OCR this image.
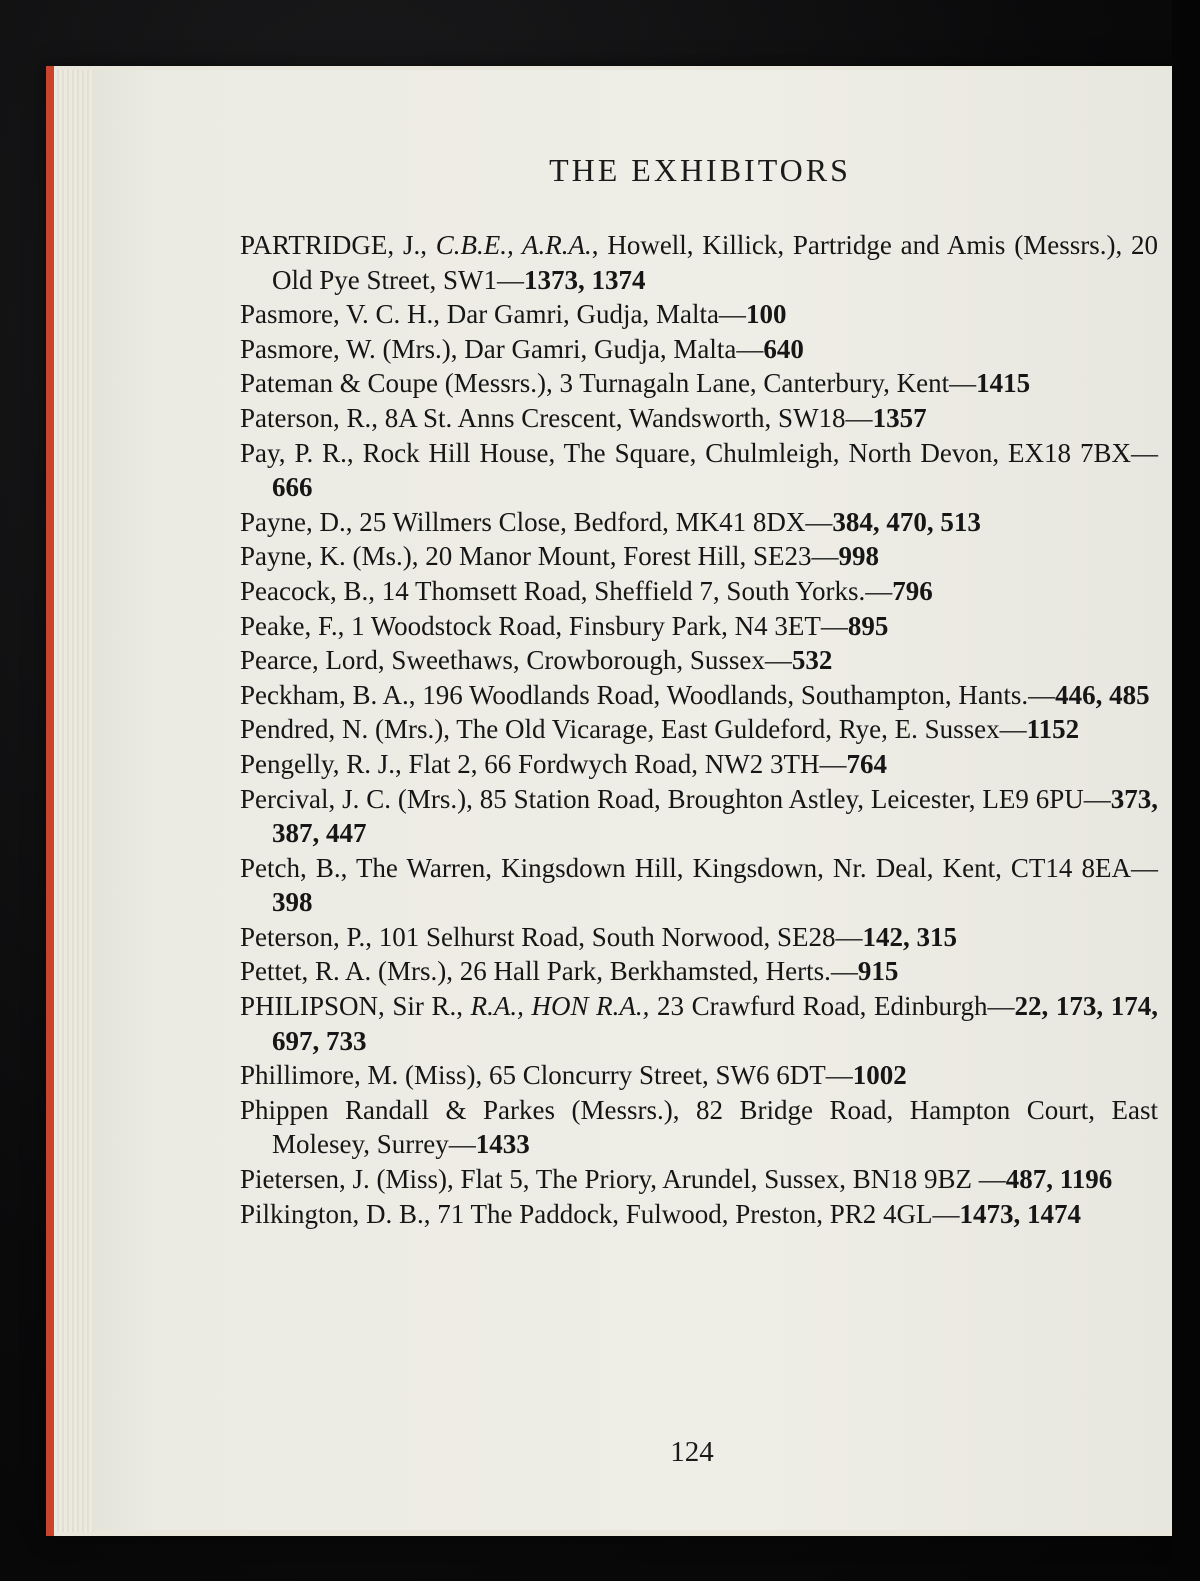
THE EXHIBITORS
PARTRIDGE, J., C.B.E., A.R.A., Howell, Killick, Partridge and Amis (Messrs.), 20 Old Pye Street, SW1—1373, 1374
Pasmore, V. C. H., Dar Gamri, Gudja, Malta—100
Pasmore, W. (Mrs.), Dar Gamri, Gudja, Malta—640
Pateman & Coupe (Messrs.), 3 Turnagaln Lane, Canterbury, Kent—1415
Paterson, R., 8A St. Anns Crescent, Wandsworth, SW18—1357
Pay, P. R., Rock Hill House, The Square, Chulmleigh, North Devon, EX18 7BX—666
Payne, D., 25 Willmers Close, Bedford, MK41 8DX—384, 470, 513
Payne, K. (Ms.), 20 Manor Mount, Forest Hill, SE23—998
Peacock, B., 14 Thomsett Road, Sheffield 7, South Yorks.—796
Peake, F., 1 Woodstock Road, Finsbury Park, N4 3ET—895
Pearce, Lord, Sweethaws, Crowborough, Sussex—532
Peckham, B. A., 196 Woodlands Road, Woodlands, Southampton, Hants.—446, 485
Pendred, N. (Mrs.), The Old Vicarage, East Guldeford, Rye, E. Sussex—1152
Pengelly, R. J., Flat 2, 66 Fordwych Road, NW2 3TH—764
Percival, J. C. (Mrs.), 85 Station Road, Broughton Astley, Leicester, LE9 6PU—373, 387, 447
Petch, B., The Warren, Kingsdown Hill, Kingsdown, Nr. Deal, Kent, CT14 8EA—398
Peterson, P., 101 Selhurst Road, South Norwood, SE28—142, 315
Pettet, R. A. (Mrs.), 26 Hall Park, Berkhamsted, Herts.—915
PHILIPSON, Sir R., R.A., HON R.A., 23 Crawfurd Road, Edinburgh—22, 173, 174, 697, 733
Phillimore, M. (Miss), 65 Cloncurry Street, SW6 6DT—1002
Phippen Randall & Parkes (Messrs.), 82 Bridge Road, Hampton Court, East Molesey, Surrey—1433
Pietersen, J. (Miss), Flat 5, The Priory, Arundel, Sussex, BN18 9BZ —487, 1196
Pilkington, D. B., 71 The Paddock, Fulwood, Preston, PR2 4GL—1473, 1474
124
